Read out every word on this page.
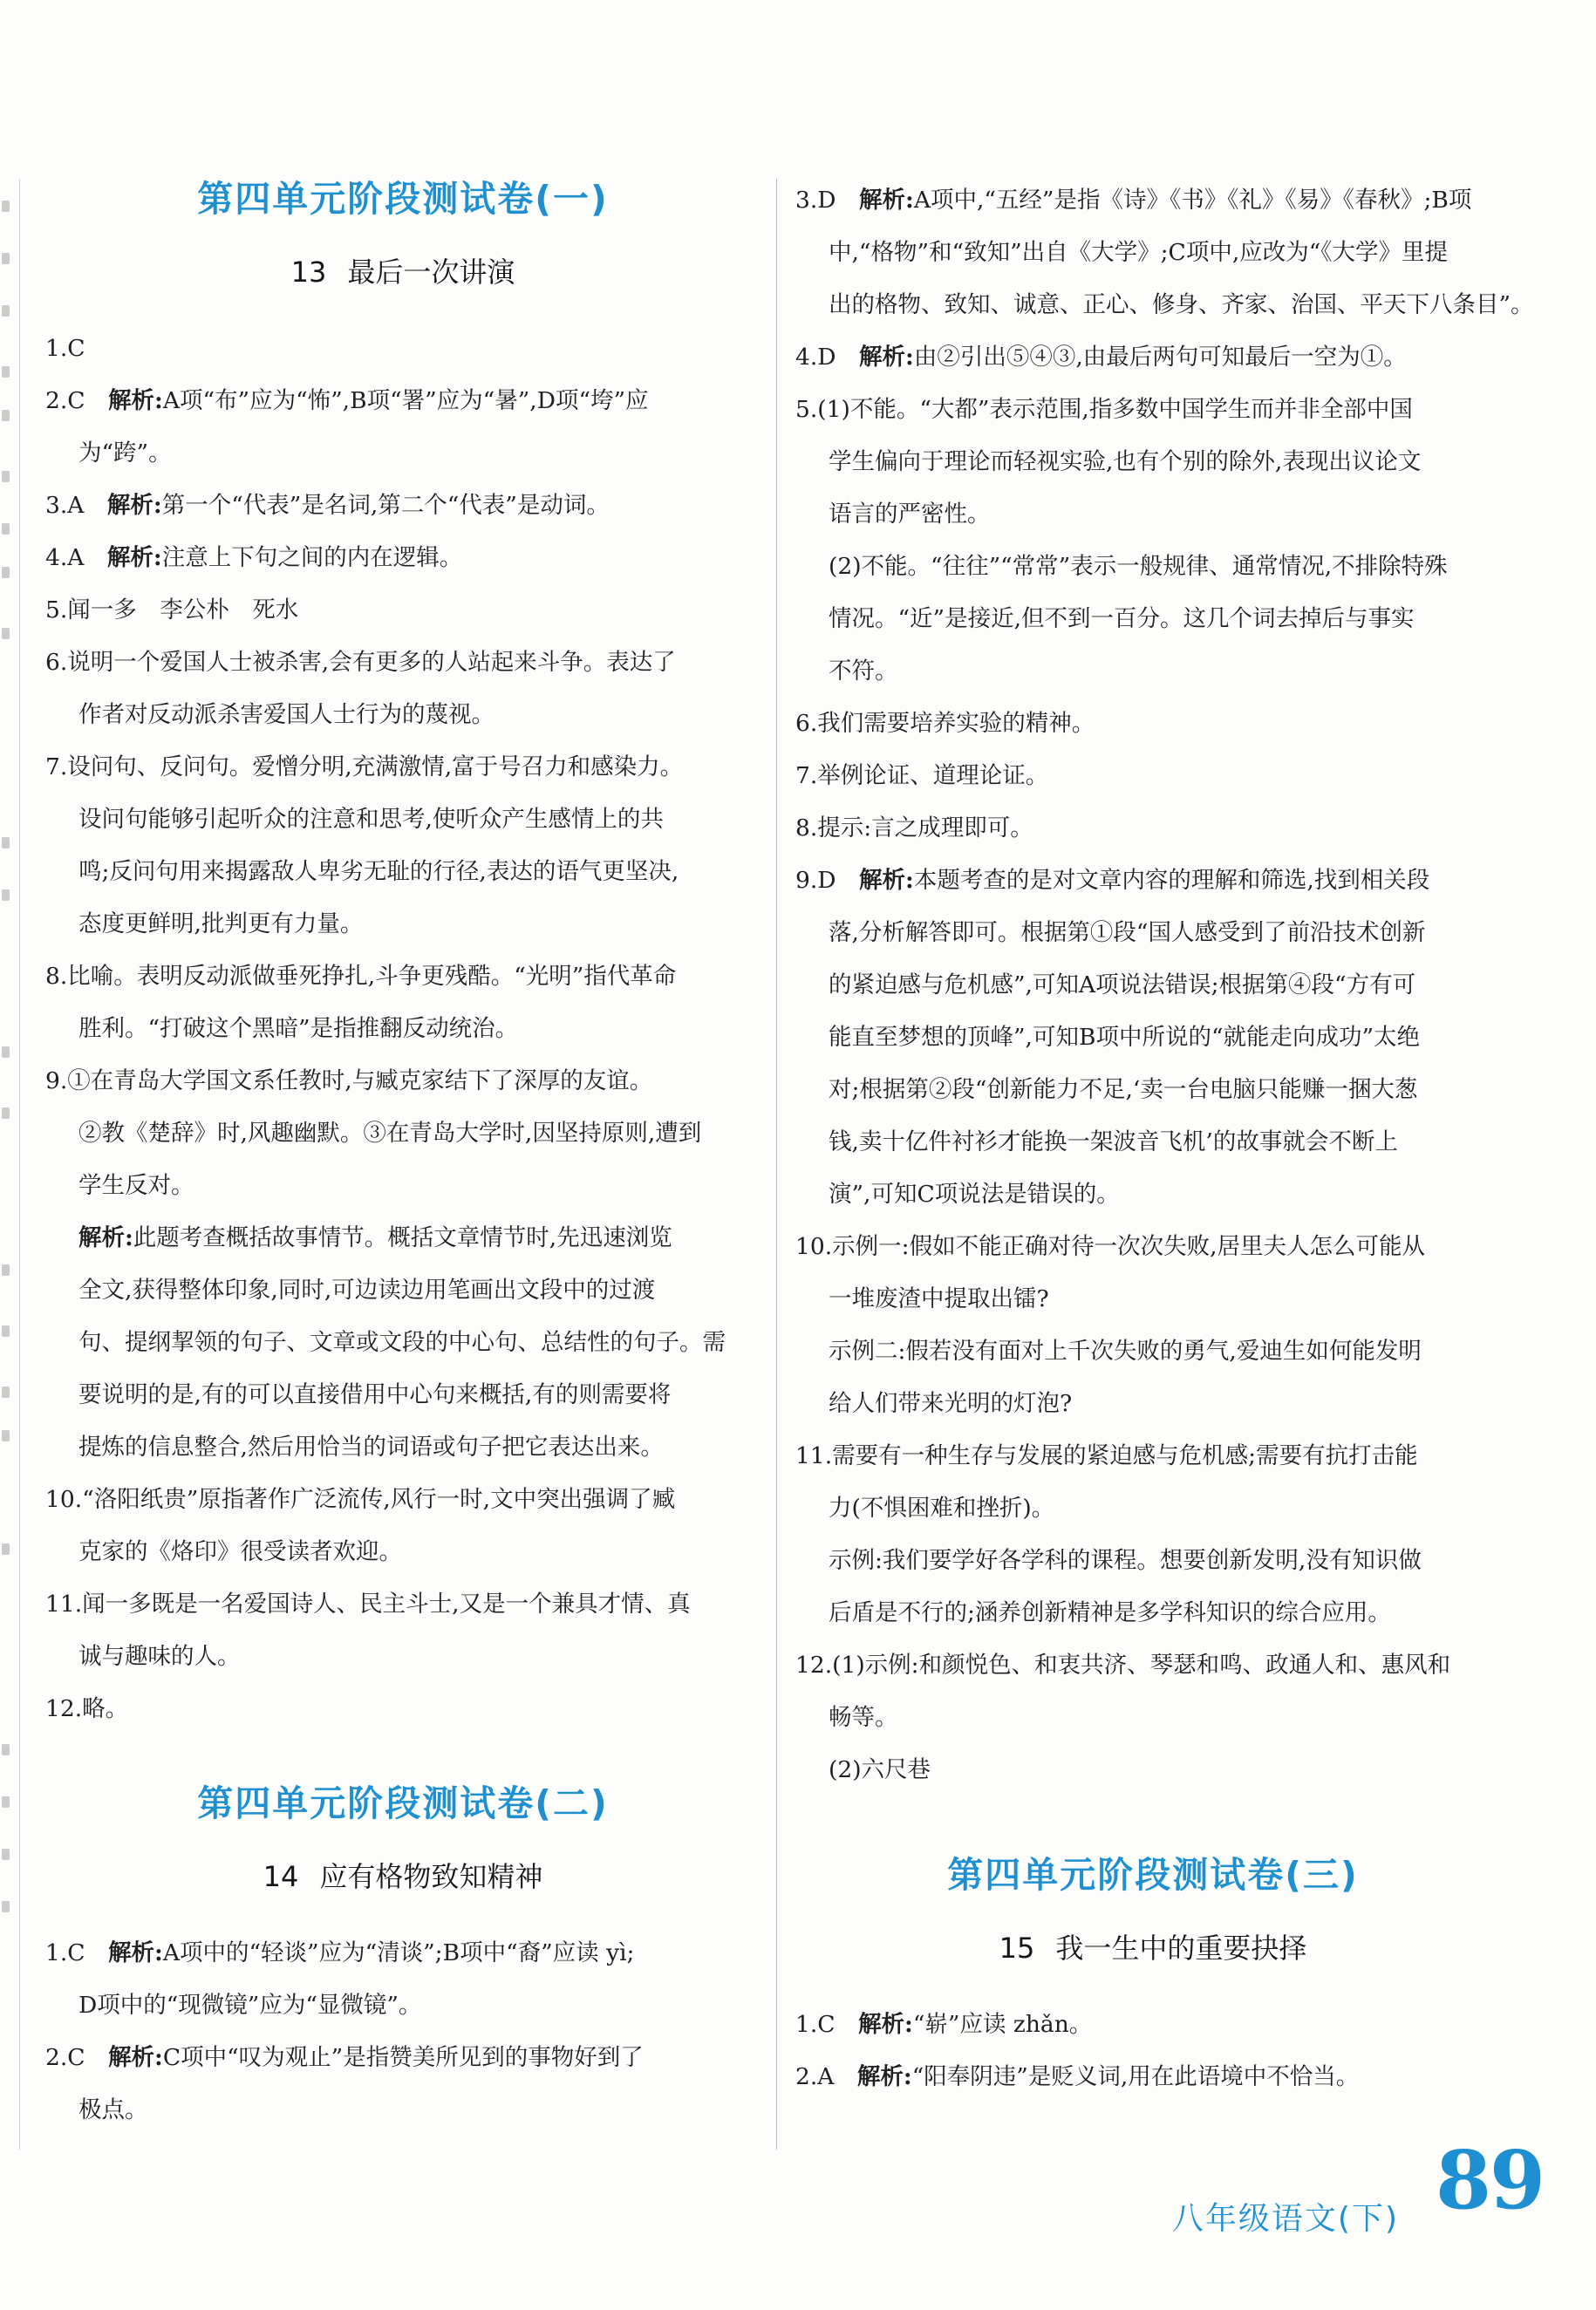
第四单元阶段测试卷(一)
13 最后一次讲演
1.C
2.C　 解析:A项“布”应为“怖”,B项“署”应为“暑”,D项“垮”应
为“跨”。
3.A　 解析:第一个“代表”是名词,第二个“代表”是动词。
4.A　 解析:注意上下句之间的内在逻辑。
5.闻一多　李公朴　死水
6.说明一个爱国人士被杀害,会有更多的人站起来斗争。表达了
作者对反动派杀害爱国人士行为的蔑视。
7.设问句、反问句。爱憎分明,充满激情,富于号召力和感染力。
设问句能够引起听众的注意和思考,使听众产生感情上的共
鸣;反问句用来揭露敌人卑劣无耻的行径,表达的语气更坚决,
态度更鲜明,批判更有力量。
8.比喻。表明反动派做垂死挣扎,斗争更残酷。“光明”指代革命
胜利。“打破这个黑暗”是指推翻反动统治。
9.①在青岛大学国文系任教时,与臧克家结下了深厚的友谊。
②教《楚辞》时,风趣幽默。③在青岛大学时,因坚持原则,遭到
学生反对。
解析:此题考查概括故事情节。概括文章情节时,先迅速浏览
全文,获得整体印象,同时,可边读边用笔画出文段中的过渡
句、提纲挈领的句子、文章或文段的中心句、总结性的句子。需
要说明的是,有的可以直接借用中心句来概括,有的则需要将
提炼的信息整合,然后用恰当的词语或句子把它表达出来。
10.“洛阳纸贵”原指著作广泛流传,风行一时,文中突出强调了臧
克家的《烙印》很受读者欢迎。
11.闻一多既是一名爱国诗人、民主斗士,又是一个兼具才情、真
诚与趣味的人。
12.略。
第四单元阶段测试卷(二)
14 应有格物致知精神
1.C　 解析:A项中的“轻谈”应为“清谈”;B项中“裔”应读 yì;
D项中的“现微镜”应为“显微镜”。
2.C　 解析:C项中“叹为观止”是指赞美所见到的事物好到了
极点。
3.D　 解析:A项中,“五经”是指《诗》《书》《礼》《易》《春秋》;B项
中,“格物”和“致知”出自《大学》;C项中,应改为“《大学》里提
出的格物、致知、诚意、正心、修身、齐家、治国、平天下八条目”。
4.D　 解析:由②引出⑤④③,由最后两句可知最后一空为①。
5.(1)不能。“大都”表示范围,指多数中国学生而并非全部中国
学生偏向于理论而轻视实验,也有个别的除外,表现出议论文
语言的严密性。
(2)不能。“往往”“常常”表示一般规律、通常情况,不排除特殊
情况。“近”是接近,但不到一百分。这几个词去掉后与事实
不符。
6.我们需要培养实验的精神。
7.举例论证、道理论证。
8.提示:言之成理即可。
9.D　 解析:本题考查的是对文章内容的理解和筛选,找到相关段
落,分析解答即可。根据第①段“国人感受到了前沿技术创新
的紧迫感与危机感”,可知A项说法错误;根据第④段“方有可
能直至梦想的顶峰”,可知B项中所说的“就能走向成功”太绝
对;根据第②段“创新能力不足,‘卖一台电脑只能赚一捆大葱
钱,卖十亿件衬衫才能换一架波音飞机’的故事就会不断上
演”,可知C项说法是错误的。
10.示例一:假如不能正确对待一次次失败,居里夫人怎么可能从
一堆废渣中提取出镭?
示例二:假若没有面对上千次失败的勇气,爱迪生如何能发明
给人们带来光明的灯泡?
11.需要有一种生存与发展的紧迫感与危机感;需要有抗打击能
力(不惧困难和挫折)。
示例:我们要学好各学科的课程。想要创新发明,没有知识做
后盾是不行的;涵养创新精神是多学科知识的综合应用。
12.(1)示例:和颜悦色、和衷共济、琴瑟和鸣、政通人和、惠风和
畅等。
(2)六尺巷
第四单元阶段测试卷(三)
15 我一生中的重要抉择
1.C　 解析:“崭”应读 zhǎn。
2.A　 解析:“阳奉阴违”是贬义词,用在此语境中不恰当。
八年级语文(下) 89
